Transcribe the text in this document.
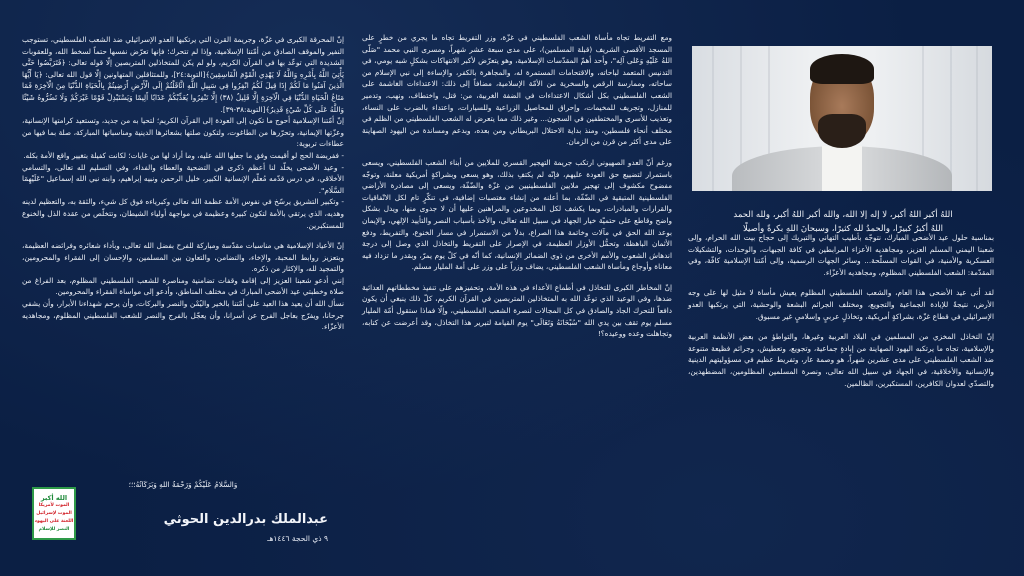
اللهُ أكبر اللهُ أكبر، لا إله إلا الله، والله أكبر اللهُ أكبر، ولله الحمد
اللهُ أكبرُ كبيرًا، والحمدُ لله كثيرًا، وسبحانَ اللهِ بكرةً وأصيلًا

بمناسبة حلول عيد الأضحى المبارك، نتوجّه بأطيب التهاني والتبريك إلى حجاج بيت الله الحرام، وإلى شعبنا اليمني المسلم العزيز، ومجاهديه الأعزاء المرابطين في كافة الجبهات، والوحدات، والتشكيلات العسكرية والأمنية، في القوات المسلّحة... وسائر الجهات الرسمية، وإلى أمّتنا الإسلامية كافّة، وفي المقدّمة: الشعب الفلسطيني المظلوم، ومجاهديه الأعزّاء.

لقد أتى عيد الأضحى هذا العام، والشعب الفلسطيني المظلوم يعيش مأساة لا مثيل لها على وجه الأرض، نتيجةً للإبادة الجماعية والتجويع، ومختلف الجرائم البشعة والوحشية، التي يرتكبها العدو الإسرائيلي في قطاع غزّة، بشراكةٍ أمريكية، وتخاذلٍ عربيٍ وإسلاميٍ غير مسبوق.

إنّ التخاذل المخزي من المسلمين في البلاد العربية وغيرها، والتواطؤ من بعض الأنظمة العربية والإسلامية، تجاه ما يرتكبه اليهود الصهاينة من إبادةٍ جماعية، وتجويع، وتعطيش، وجرائم فظيعة متنوعة ضد الشعب الفلسطيني على مدى عشرين شهراً، هو وصمة عار، وتفريط عظيم في مسؤوليتهم الدينية والإنسانية والأخلاقية، في الجهاد في سبيل الله تعالى، ونصرة المسلمين المظلومين، المضطهدين، والتصدّي لعدوان الكافرين، المستكبرين، الظالمين.

ومع التفريط تجاه مأساة الشعب الفلسطيني في غزّة، وزر التفريط تجاه ما يجري من خطرٍ على المسجد الأقصى الشريف (قبلة المسلمين)، على مدى سبعة عشر شهراً، ومسرى النبي محمد "صَلّى اللهُ عَلَيْهِ وَعَلى آلِه"، وأحد أهمّ المقدّسات الإسلامية، وهو يتعرّض لأكبر الانتهاكات بشكلٍ شبه يومي، في التدنيس المتعمد لباحاته، والاقتحامات المستمرة له، والمجاهرة بالكفر، والإساءة إلى نبي الإسلام من ساحاته، وممارسة الرقص والسخرية من الأمّة الإسلامية، مضافاً إلى ذلك: الاعتداءات الغاشمة على الشعب الفلسطيني بكل أشكال الاعتداءات في الضفة الغربية، من: قتل، واختطاف، ونهب، وتدمير للمنازل، وتجريف للمخيمات، وإحراق للمحاصيل الزراعية وللسيارات، واعتداء بالضرب على النساء، وتعذيب للأسرى والمختطفين في السجون... وغير ذلك مما يتعرض له الشعب الفلسطيني من الظلم في مختلف أنحاء فلسطين، ومنذ بداية الاحتلال البريطاني ومن بعده، وبدعم ومساندة من اليهود الصهاينة على مدى أكثر من قرن من الزمان.

ورغم أنّ العدو الصهيوني ارتكب جريمة التهجير القسري للملايين من أبناء الشعب الفلسطيني، ويسعى باستمرار لتضييع حق العودة عليهم، فإنّه لم يكتفِ بذلك، وهو يسعى وبشراكةٍ أمريكية معلنة، وتوجّه مفضوح مكشوف إلى تهجير ملايين الفلسطينيين من غزّة والضّفّة، ويسعى إلى مصادرة الأراضي الفلسطينية المتبقية في الضّفّة، بما أعلنه من إنشاء مغتصبات إضافية، في تنكّرٍ تام لكل الاتّفاقيات والقرارات والمبادرات، وبما يكشف لكل المخدوعين والمراهنين عليها أن لا جدوى منها، ويدل بشكل واضح وقاطع على حتميّة خيار الجهاد في سبيل الله تعالى، والأخذ بأسباب النصر والتأييد الإلهي، والإيمان بوعد الله الحق في مآلات وخاتمة هذا الصراع، بدلاً من الاستمرار في مسار الخنوع، والتفريط، ودفع الأثمان الباهظة، وتحمُّل الأوزار العظيمة، في الإصرار على التفريط والتخاذل الذي وصل إلى درجة اندهاش الشعوب والأمم الأخرى من ذوي الضمائر الإنسانية، كما أنّه في كلّ يوم يمرّ، وبقدر ما تزداد فيه معاناة وأوجاع ومأساة الشعب الفلسطيني، يضاف وزراً على وزر على أمة المليار مسلم.

إنّ المخاطر الكبرى للتخاذل في أطماع الأعداء في هذه الأمة، وتحفيزهم على تنفيذ مخططاتهم العدائية ضدها، وفي الوعيد الذي توعّد الله به المتخاذلين المتربصين في القرآن الكريم، كلّ ذلك ينبغي أن يكون دافعاً للتحرك الجاد والصادق في كل المجالات لنصرة الشعب الفلسطيني، وإلّا فماذا ستقول أمّة المليار مسلم يوم تقف بين يدي الله "سُبْحَانَهُ وَتَعَالَى" يوم القيامة لتبرير هذا التخاذل، وقد أعرضت عن كتابه، وتجاهلت وعده ووعيده؟!

إنّ المحرقة الكبرى في غزّة، وجريمة القرن التي يرتكبها العدو الإسرائيلي ضد الشعب الفلسطيني، تستوجب النفير والموقف الصادق من أمّتنا الإسلامية، وإذا لم تتحرك؛ فإنها تعرّض نفسها حتماً لسخط الله، وللعقوبات الشديدة التي توعّد بها في القرآن الكريم، ولو لم يكن للمتخاذلين المتربصين إلّا قوله تعالى: ﴿فَتَرَبَّصُوا حَتَّى يَأْتِيَ اللَّهُ بِأَمْرِهِ وَاللَّهُ لَا يَهْدِي الْقَوْمَ الْفَاسِقِينَ﴾[التوبة:٢٤]، وللمتثاقلين المتهاونين إلّا قول الله تعالى: ﴿يَا أَيُّهَا الَّذِينَ آمَنُوا مَا لَكُمْ إِذَا قِيلَ لَكُمُ انْفِرُوا فِي سَبِيلِ اللَّهِ اثَّاقَلْتُمْ إِلَى الْأَرْضِ أَرَضِيتُمْ بِالْحَيَاةِ الدُّنْيَا مِنَ الْآخِرَةِ فَمَا مَتَاعُ الْحَيَاةِ الدُّنْيَا فِي الْآخِرَةِ إِلَّا قَلِيلٌ (٣٨) إِلَّا تَنْفِرُوا يُعَذِّبْكُمْ عَذَابًا أَلِيمًا وَيَسْتَبْدِلْ قَوْمًا غَيْرَكُمْ وَلَا تَضُرُّوهُ شَيْئًا وَاللَّهُ عَلَى كُلِّ شَيْءٍ قَدِيرٌ﴾[التوبة:٣٨-٣٩].

إنّ أمّتنا الإسلامية أحوج ما تكون إلى العودة إلى القرآن الكريم؛ لتحيا به من جديد، وتستعيد كرامتها الإنسانية، وعزّتها الإيمانية، وتحرّرها من الطاغوت، ولتكون صلتها بشعائرها الدينية ومناسباتها المباركة، صلة بما فيها من عطاءات تربوية:

- ففريضة الحج لو أقيمت وفق ما جعلها الله عليه، وما أراد لها من غايات؛ لكانت كفيلة بتغيير واقع الأمة بكله.

- وعيد الأضحى يخلّد لنا أعظم ذكرى في التضحية والعطاء والفداء، وفي التسليم لله تعالى، والتسامي الأخلاقي، في درس قدّمه مُعلّم الإنسانية الكبير، خليل الرحمن ونبيه إبراهيم، وابنه نبي الله إسماعيل "عَلَيْهِمَا السَّلَام".

- وتكبير التشريق يرسّخ في نفوس الأمة عظمة الله تعالى وكبرياءه فوق كل شيء، والثقة به، والتعظيم لدينه وهديه، الذي يرتقي بالأمة لتكون كبيرة وعظيمة في مواجهة أولياء الشيطان، وتتخلّص من عقدة الذل والخنوع للمستكبرين.

إنّ الأعياد الإسلامية هي مناسبات مقدّسة ومباركة للفرح بفضل الله تعالى، وبأداء شعائره وفرائضه العظيمة، وبتعزيز روابط المحبة، والإخاء، والتضامن، والتعاون بين المسلمين، والإحسان إلى الفقراء والمحرومين، والتمجيد لله، والإكثار من ذكره.

إنني أدعو شعبنا العزيز إلى إقامة وقفات تضامنية ومناصرة للشعب الفلسطيني المظلوم، بعد الفراغ من صلاة وخطبتي عيد الأضحى المبارك في مختلف المناطق، وأدعو إلى مواساة الفقراء والمحرومين.

نسأل الله أن يعيد هذا العيد على أمّتنا بالخير واليُمْن والنصر والبركات، وأن يرحم شهداءنا الأبرار، وأن يشفي جرحانا، ويفرّج بعاجل الفرج عن أسرانا، وأن يعجّل بالفرج والنصر للشعب الفلسطيني المظلوم، ومجاهديه الأعزّاء.

وَالسَّلامُ عَلَيْكُمْ وَرَحْمَةُ اللهِ وَبَرَكَاتُهُ؛؛؛
الله أكبر
الموت لأمريكا
الموت لإسرائيل
اللعنة على اليهود
النصر للإسلام
عبدالملك بدرالدين الحوثي
٩ ذي الحجة ١٤٤٦هـ
